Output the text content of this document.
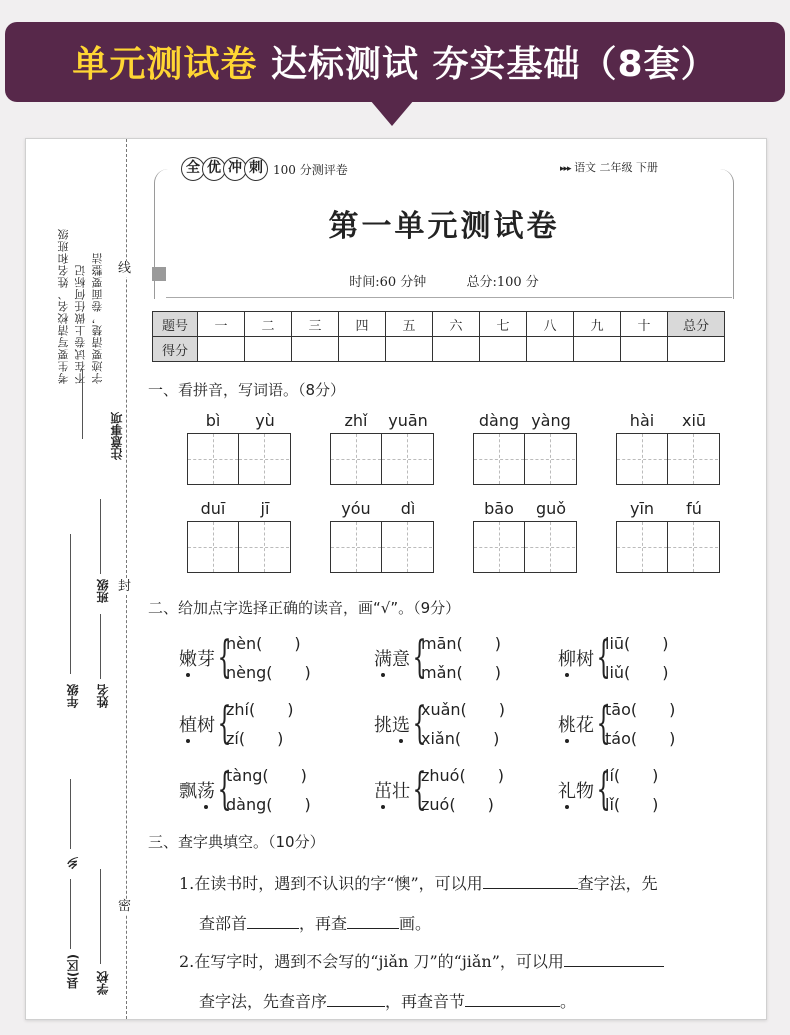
单元测试卷 达标测试 夯实基础（8套）
考生要写清校名、姓名和班级 不在试卷上做任何标记 字迹要清楚，卷面要整洁
注意事项
年级
班级
姓名
县(区)
乡
学校
线
封
密
全 优 冲 刺 100 分测评卷	▸▸▸ 语文 二年级 下册
第一单元测试卷
时间:60 分钟	总分:100 分
题号	一	二	三	四	五	六	七	八	九	十	总分
得分											
一、看拼音，写词语。（8分）
bì	yù	zhǐ	yuān	dàng yàng	hài	xiū
duī	jī	yóu	dì	bāo	guǒ	yīn	fú
二、给加点字选择正确的读音，画“√”。（9分）
嫩芽 {
nèn(　　)
nèng(　　)
满意 {
mān(　　)
mǎn(　　)
柳树 {
liū(　　)
liǔ(　　)
植树 {
zhí(　　)
zí(　　)
挑选 {
xuǎn(　　)
xiǎn(　　)
桃花 {
tāo(　　)
táo(　　)
飘荡 {
tàng(　　)
dàng(　　)
茁壮 {
zhuó(　　)
zuó(　　)
礼物 {
lí(　　)
lǐ(　　)
三、查字典填空。（10分）
1.在读书时，遇到不认识的字“懊”，可以用	查字法，先
查部首	，再查	画。
2.在写字时，遇到不会写的“jiǎn 刀”的“jiǎn”，可以用
查字法，先查音序	，再查音节	。
